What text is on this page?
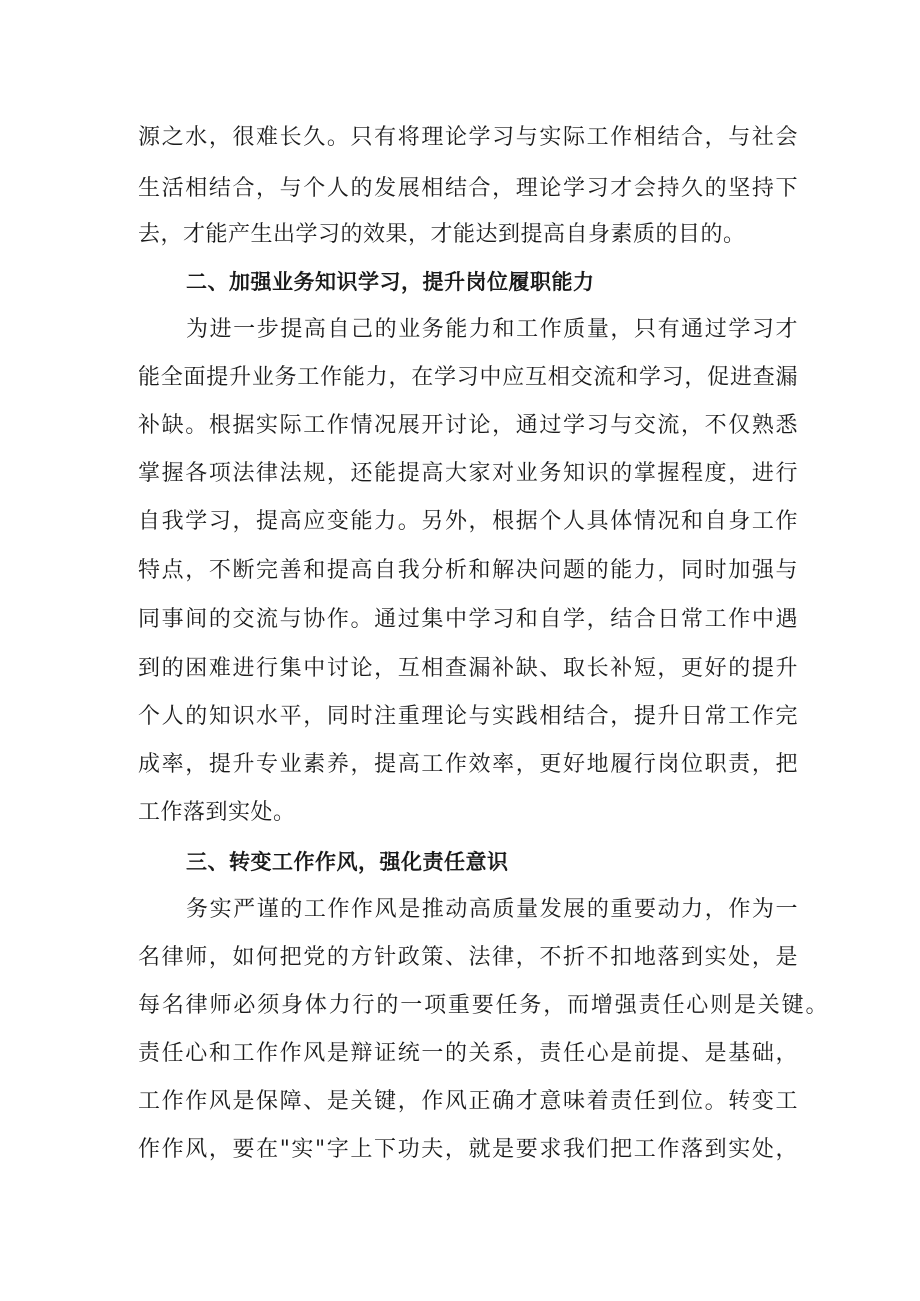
源之水，很难长久。只有将理论学习与实际工作相结合，与社会
生活相结合，与个人的发展相结合，理论学习才会持久的坚持下
去，才能产生出学习的效果，才能达到提高自身素质的目的。
二、加强业务知识学习，提升岗位履职能力
为进一步提高自己的业务能力和工作质量，只有通过学习才
能全面提升业务工作能力，在学习中应互相交流和学习，促进查漏
补缺。根据实际工作情况展开讨论，通过学习与交流，不仅熟悉
掌握各项法律法规，还能提高大家对业务知识的掌握程度，进行
自我学习，提高应变能力。另外，根据个人具体情况和自身工作
特点，不断完善和提高自我分析和解决问题的能力，同时加强与
同事间的交流与协作。通过集中学习和自学，结合日常工作中遇
到的困难进行集中讨论，互相查漏补缺、取长补短，更好的提升
个人的知识水平，同时注重理论与实践相结合，提升日常工作完
成率，提升专业素养，提高工作效率，更好地履行岗位职责，把
工作落到实处。
三、转变工作作风，强化责任意识
务实严谨的工作作风是推动高质量发展的重要动力，作为一
名律师，如何把党的方针政策、法律，不折不扣地落到实处，是
每名律师必须身体力行的一项重要任务，而增强责任心则是关键。
责任心和工作作风是辩证统一的关系，责任心是前提、是基础，
工作作风是保障、是关键，作风正确才意味着责任到位。转变工
作作风，要在"实"字上下功夫，就是要求我们把工作落到实处，
